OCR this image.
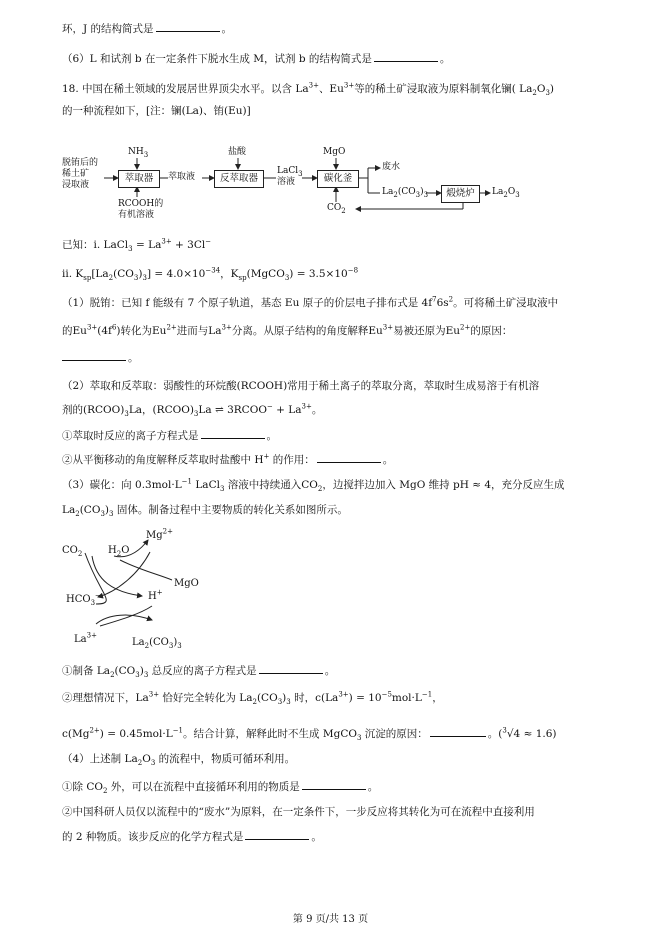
环，J 的结构简式是	。
（6）L 和试剂 b 在一定条件下脱水生成 M，试剂 b 的结构简式是	。
18. 中国在稀土领域的发展居世界顶尖水平。以含 $La^{3+}$、$Eu^{3+}$等的稀土矿浸取液为原料制氧化镧( $La_2O_3$)
的一种流程如下，[注：镧(La)、铕(Eu)]
脱铕后的
稀土矿
浸取液
$NH_3$
萃取器
RCOOH的
有机溶液
萃取液
盐酸
反萃取器
LaCl$_3$
溶液
MgO
碳化釜
废水
$La_2(CO_3)_3$	煅烧炉	$La_2O_3$
$CO_2$
已知：i. LaCl$_3$ = $La^{3+} + 3Cl^-$
ii. $K_{sp}[La_2(CO_3)_3] = 4.0\times 10^{-34}$，$K_{sp}(MgCO_3) = 3.5\times 10^{-8}$
（1）脱铕：已知 f 能级有 7 个原子轨道，基态 Eu 原子的价层电子排布式是 $4f^76s^2$。可将稀土矿浸取液中
的$Eu^{3+}(4f^6)$转化为$Eu^{2+}$进而与$La^{3+}$分离。从原子结构的角度解释$Eu^{3+}$易被还原为$Eu^{2+}$的原因：
。
（2）萃取和反萃取：弱酸性的环烷酸(RCOOH)常用于稀土离子的萃取分离，萃取时生成易溶于有机溶
剂的$(RCOO)_3La$，$(RCOO)_3La$ ⇌ 3RCOO− + $La^{3+}$。
①萃取时反应的离子方程式是	。
②从平衡移动的角度解释反萃取时盐酸中 H+ 的作用：	。
（3）碳化：向 $0.3mol\cdot L^{-1}$ LaCl$_3$ 溶液中持续通入$CO_2$，边搅拌边加入 MgO 维持 pH ≈ 4，充分反应生成
$La_2(CO_3)_3$ 固体。制备过程中主要物质的转化关系如图所示。
$CO_2$	$H_2O$
$Mg^{2+}$
MgO
$HCO_3^-$	H+
$La^{3+}$
$La_2(CO_3)_3$
①制备 $La_2(CO_3)_3$ 总反应的离子方程式是	。
②理想情况下，$La^{3+}$ 恰好完全转化为 $La_2(CO_3)_3$ 时，$c(La^{3+}) = 10^{-5}mol\cdot L^{-1}$，
$c(Mg^{2+}) = 0.45mol\cdot L^{-1}$。结合计算，解释此时不生成 MgCO$_3$ 沉淀的原因：	。($^3$√4 ≈ 1.6)
（4）上述制 $La_2O_3$ 的流程中，物质可循环利用。
①除 $CO_2$ 外，可以在流程中直接循环利用的物质是	。
②中国科研人员仅以流程中的“废水”为原料，在一定条件下，一步反应将其转化为可在流程中直接利用
的 2 种物质。该步反应的化学方程式是	。
第 9 页/共 13 页
